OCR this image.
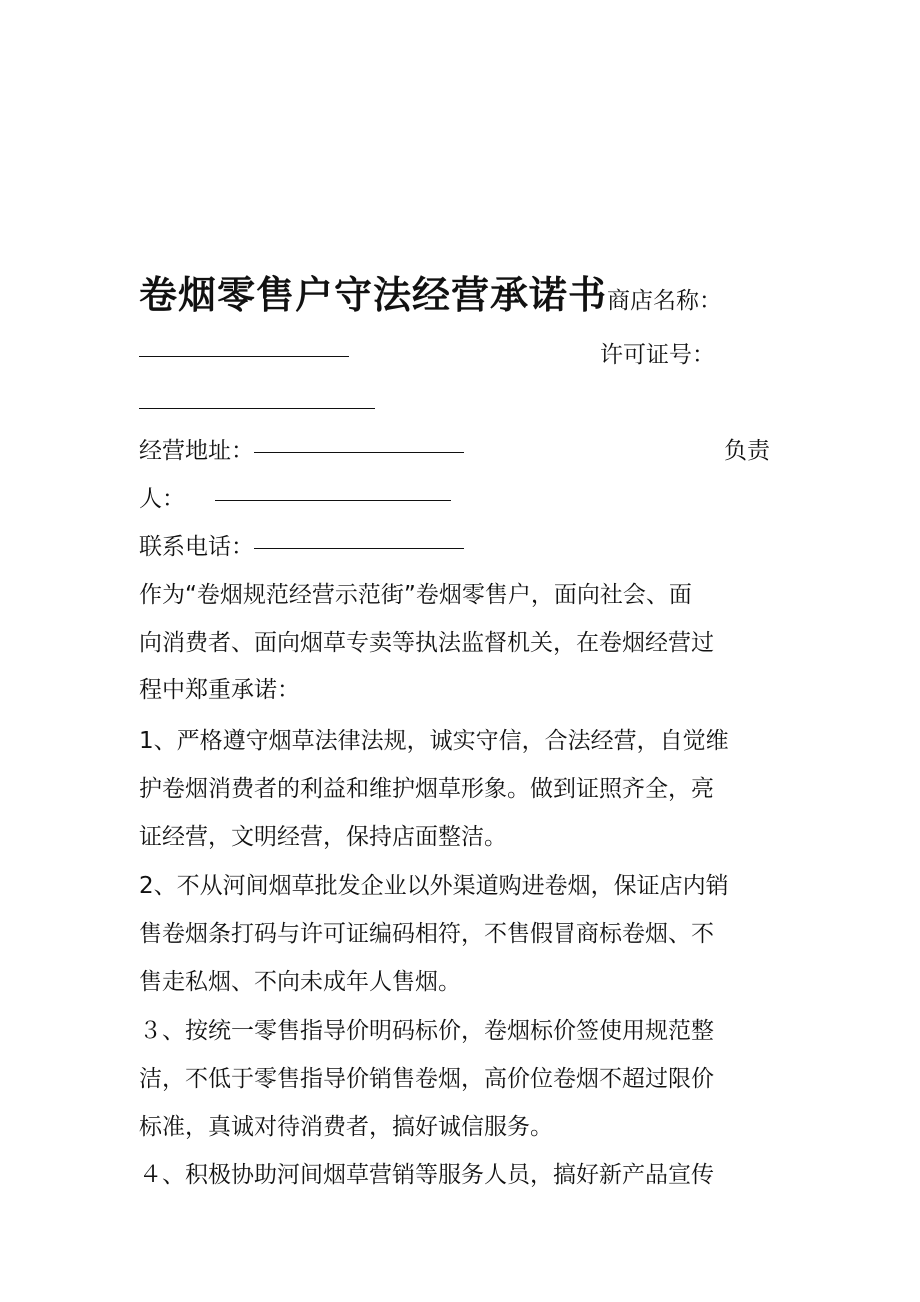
卷烟零售户守法经营承诺书商店名称：
许可证号：
经营地址：	负责
人：
联系电话：
作为“卷烟规范经营示范街”卷烟零售户，面向社会、面
向消费者、面向烟草专卖等执法监督机关，在卷烟经营过
程中郑重承诺：
1、严格遵守烟草法律法规，诚实守信，合法经营，自觉维
护卷烟消费者的利益和维护烟草形象。做到证照齐全，亮
证经营，文明经营，保持店面整洁。
2、不从河间烟草批发企业以外渠道购进卷烟，保证店内销
售卷烟条打码与许可证编码相符，不售假冒商标卷烟、不
售走私烟、不向未成年人售烟。
３、按统一零售指导价明码标价，卷烟标价签使用规范整
洁，不低于零售指导价销售卷烟，高价位卷烟不超过限价
标准，真诚对待消费者，搞好诚信服务。
４、积极协助河间烟草营销等服务人员，搞好新产品宣传
